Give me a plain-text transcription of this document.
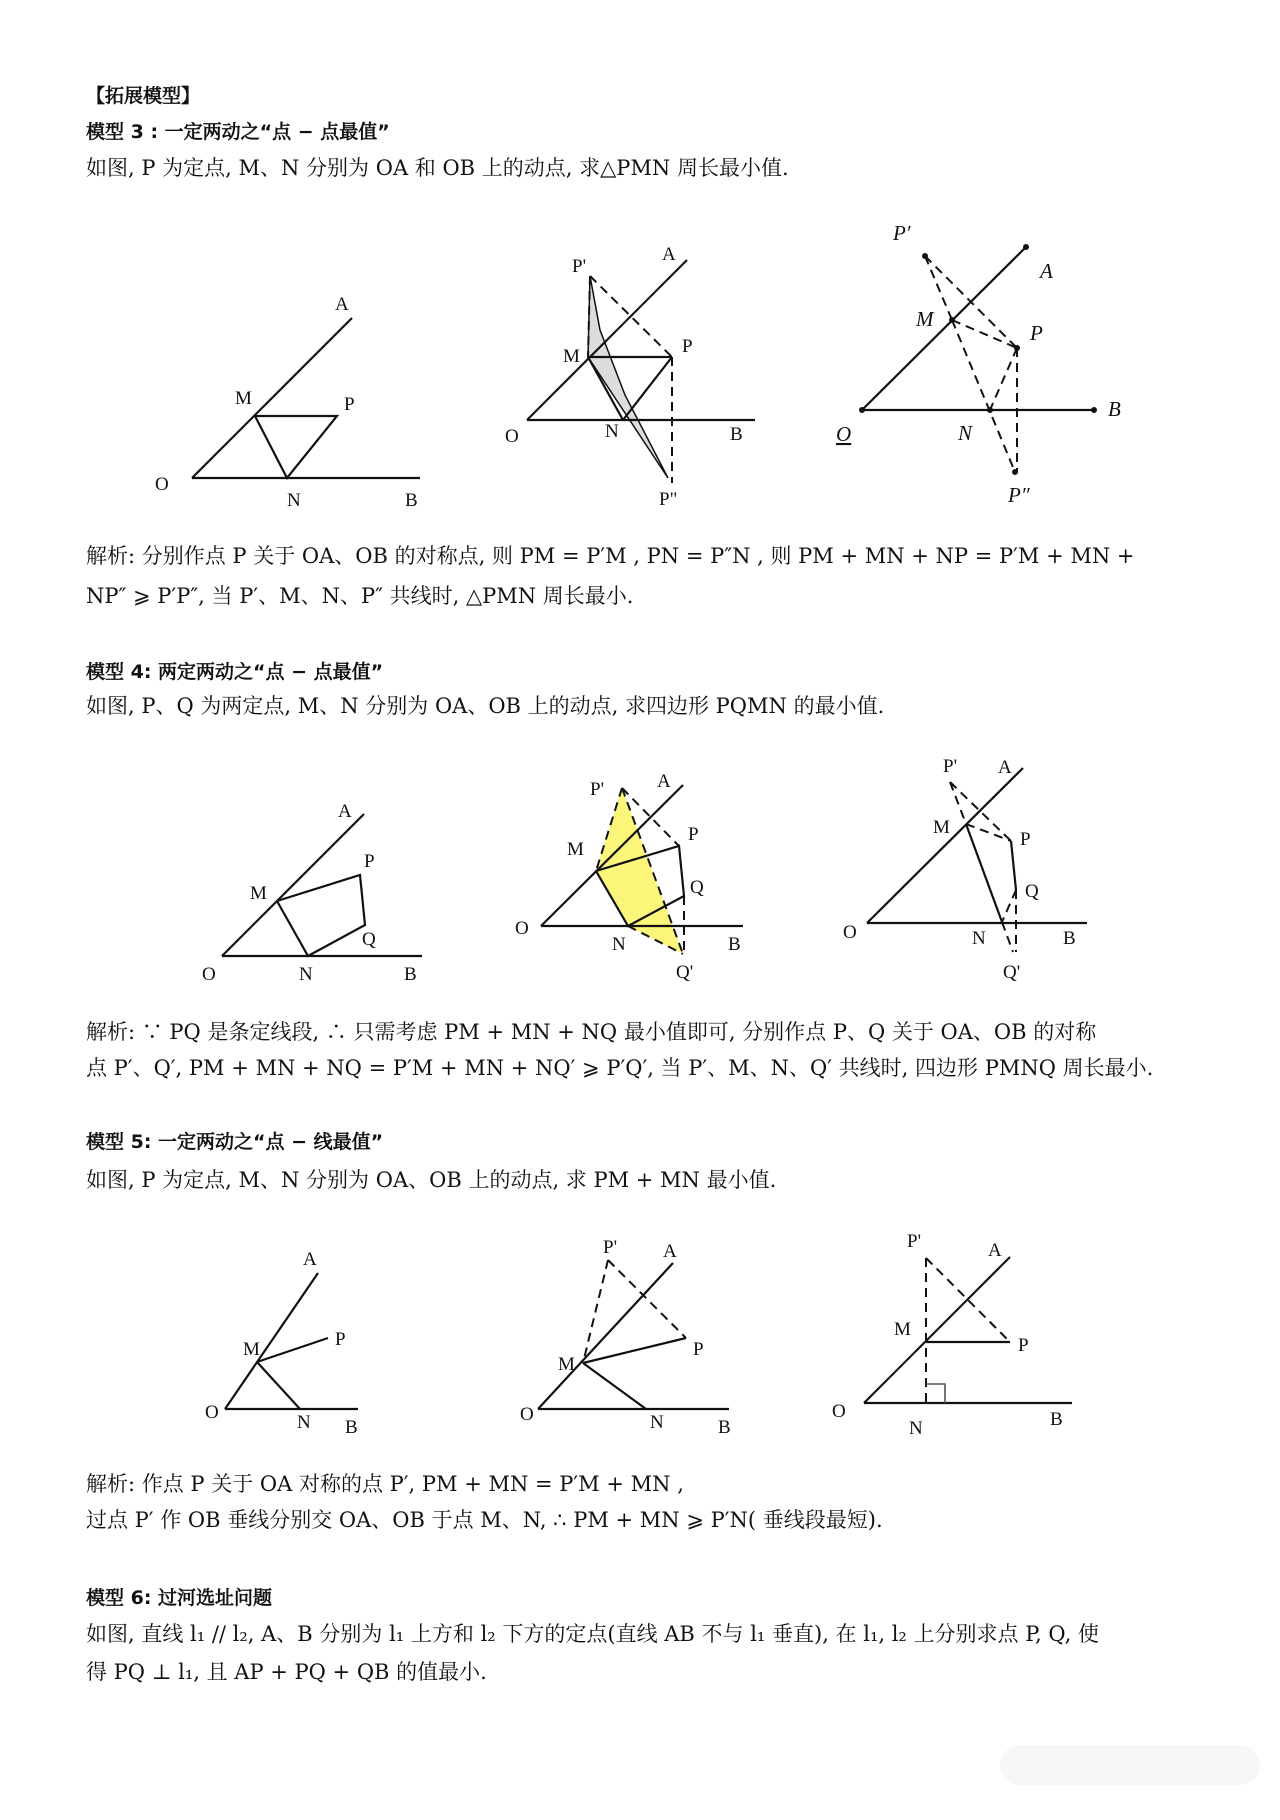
【拓展模型】
模型 3 : 一定两动之“点 − 点最值”
如图, P 为定点, M、N 分别为 OA 和 OB 上的动点, 求△PMN 周长最小值.
A
M	P
O
N	B
P'
A
M	P
O	N	B
P"
P′
A
M
P
B
O	N
P″
A
P
M
Q
O	N	B
P'	A
P
M
Q
O
N	B
Q'
P' A
M
P
Q
O	N	B
Q'
A
M	P
O	N B
P' A
M
P
O	N	B
P'	A
M
P
O
N	B
解析: 分别作点 P 关于 OA、OB 的对称点, 则 PM = P′M , PN = P″N , 则 PM + MN + NP = P′M + MN +
NP″ ⩾ P′P″, 当 P′、M、N、P″ 共线时, △PMN 周长最小.
模型 4: 两定两动之“点 − 点最值”
如图, P、Q 为两定点, M、N 分别为 OA、OB 上的动点, 求四边形 PQMN 的最小值.
解析: ∵ PQ 是条定线段, ∴ 只需考虑 PM + MN + NQ 最小值即可, 分别作点 P、Q 关于 OA、OB 的对称
点 P′、Q′, PM + MN + NQ = P′M + MN + NQ′ ⩾ P′Q′, 当 P′、M、N、Q′ 共线时, 四边形 PMNQ 周长最小.
模型 5: 一定两动之“点 − 线最值”
如图, P 为定点, M、N 分别为 OA、OB 上的动点, 求 PM + MN 最小值.
解析: 作点 P 关于 OA 对称的点 P′, PM + MN = P′M + MN ,
过点 P′ 作 OB 垂线分别交 OA、OB 于点 M、N, ∴ PM + MN ⩾ P′N( 垂线段最短).
模型 6: 过河选址问题
如图, 直线 l₁ // l₂, A、B 分别为 l₁ 上方和 l₂ 下方的定点(直线 AB 不与 l₁ 垂直), 在 l₁, l₂ 上分别求点 P, Q, 使
得 PQ ⊥ l₁, 且 AP + PQ + QB 的值最小.
